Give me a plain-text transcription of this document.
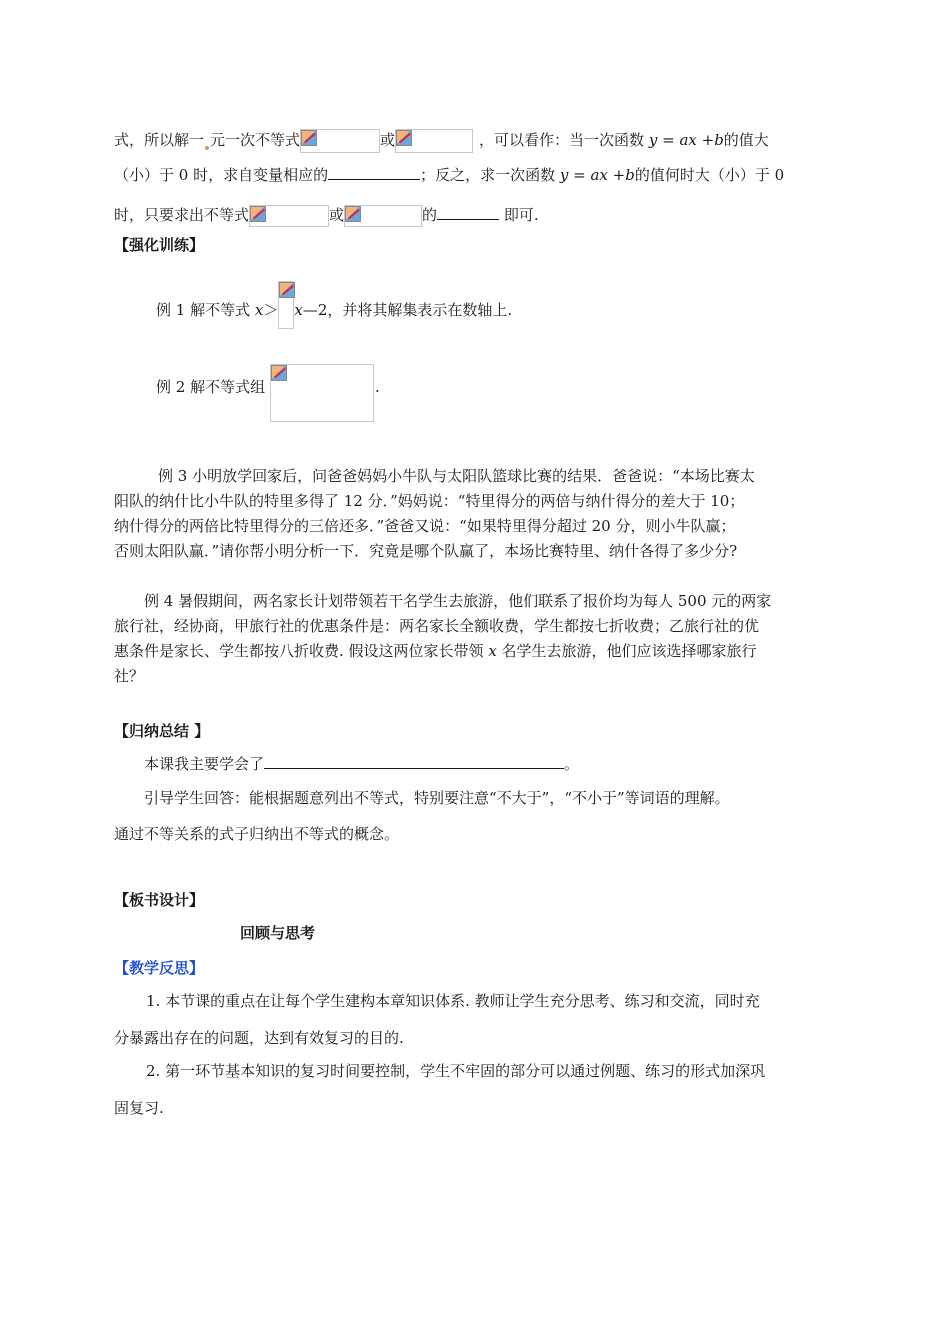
式，所以解一 元一次不等式	或	，可以看作：当一次函数 y = ax +b的值大
（小）于 0 时，求自变量相应的	；反之，求一次函数 y = ax +b的值何时大（小）于 0
时，只要求出不等式	或	的	即可.
【强化训练】
例 1 解不等式 x＞ x—2，并将其解集表示在数轴上.
例 2 解不等式组	.
例 3 小明放学回家后，问爸爸妈妈小牛队与太阳队篮球比赛的结果．爸爸说：“本场比赛太
阳队的纳什比小牛队的特里多得了 12 分．”妈妈说：“特里得分的两倍与纳什得分的差大于 10；
纳什得分的两倍比特里得分的三倍还多．”爸爸又说：“如果特里得分超过 20 分，则小牛队赢；
否则太阳队赢．”请你帮小明分析一下．究竟是哪个队赢了，本场比赛特里、纳什各得了多少分?
例 4 暑假期间，两名家长计划带领若干名学生去旅游，他们联系了报价均为每人 500 元的两家
旅行社，经协商，甲旅行社的优惠条件是：两名家长全额收费，学生都按七折收费；乙旅行社的优
惠条件是家长、学生都按八折收费. 假设这两位家长带领 x 名学生去旅游，他们应该选择哪家旅行
社？
【归纳总结 】
本课我主要学会了	。
引导学生回答：能根据题意列出不等式，特别要注意“不大于”，“不小于”等词语的理解。
通过不等关系的式子归纳出不等式的概念。
【板书设计】
回顾与思考
【教学反思】
1. 本节课的重点在让每个学生建构本章知识体系. 教师让学生充分思考、练习和交流，同时充
分暴露出存在的问题，达到有效复习的目的.
2. 第一环节基本知识的复习时间要控制，学生不牢固的部分可以通过例题、练习的形式加深巩
固复习.
